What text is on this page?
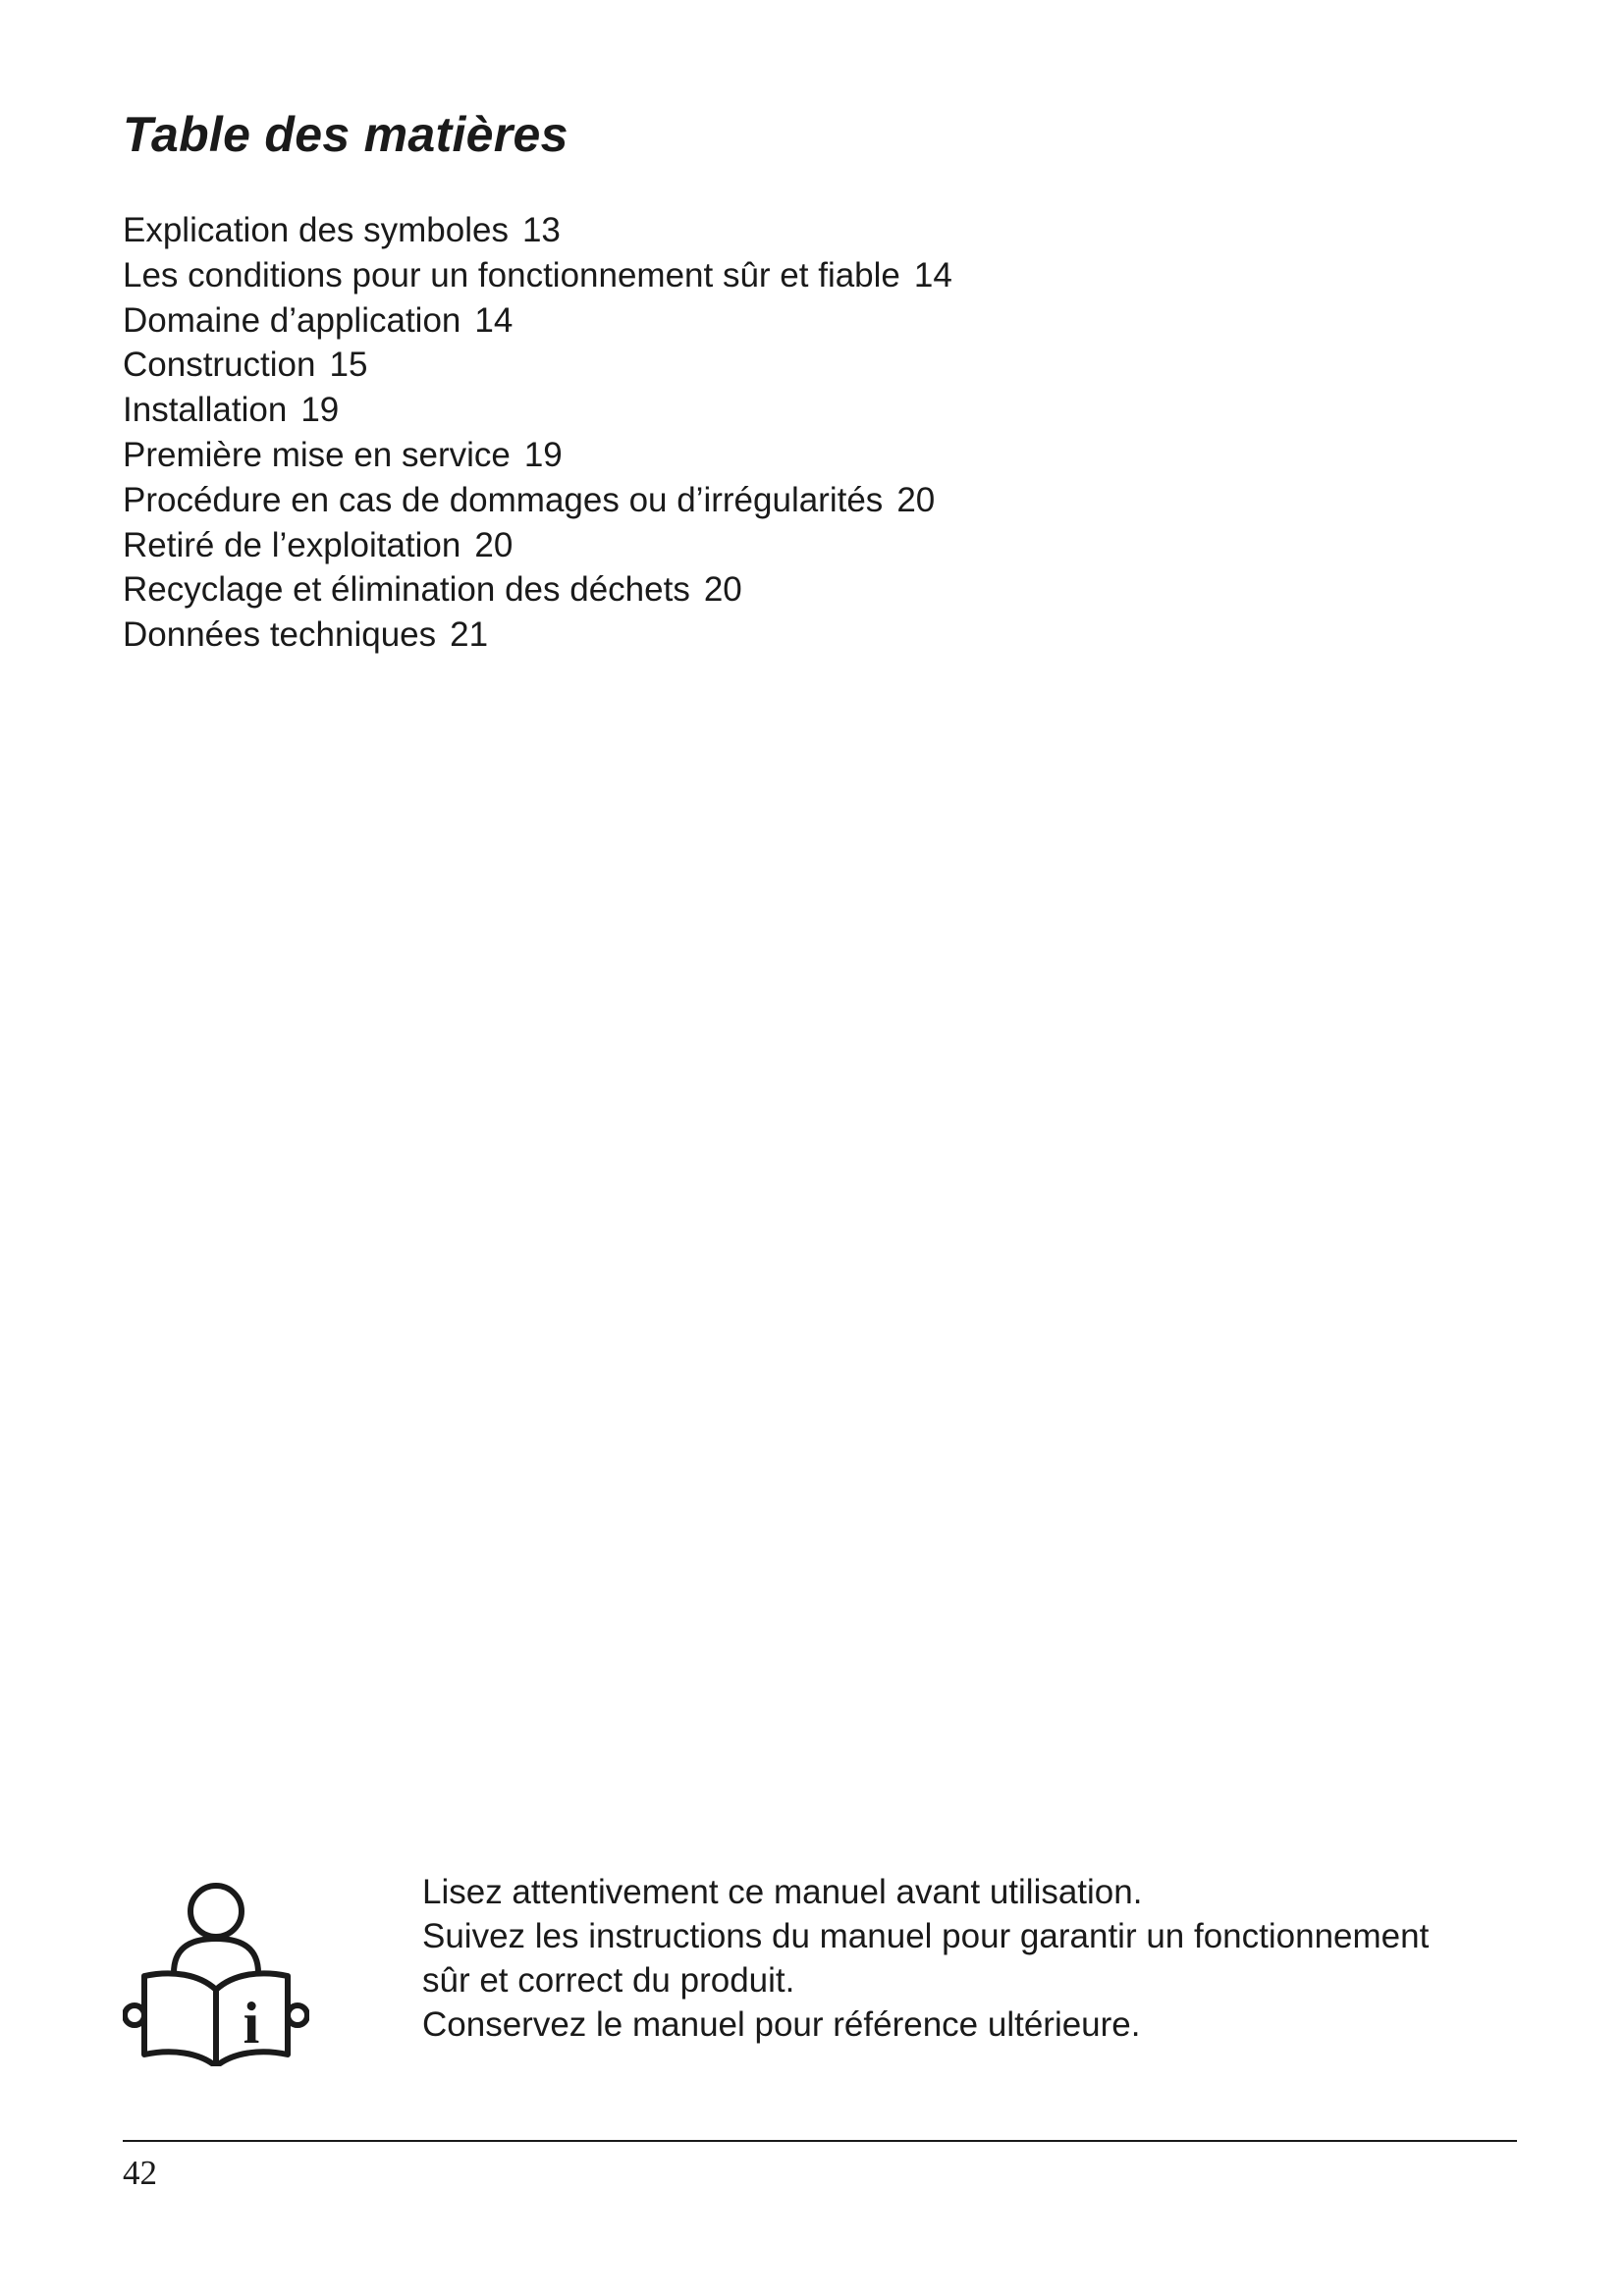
Table des matières
Explication des symboles 13
Les conditions pour un fonctionnement sûr et fiable 14
Domaine d’application 14
Construction 15
Installation 19
Première mise en service 19
Procédure en cas de dommages ou d’irrégularités 20
Retiré de l’exploitation 20
Recyclage et élimination des déchets 20
Données techniques 21
i

Lisez attentivement ce manuel avant utilisation.
Suivez les instructions du manuel pour garantir un fonctionnement
sûr et correct du produit.
Conservez le manuel pour référence ultérieure.

42
